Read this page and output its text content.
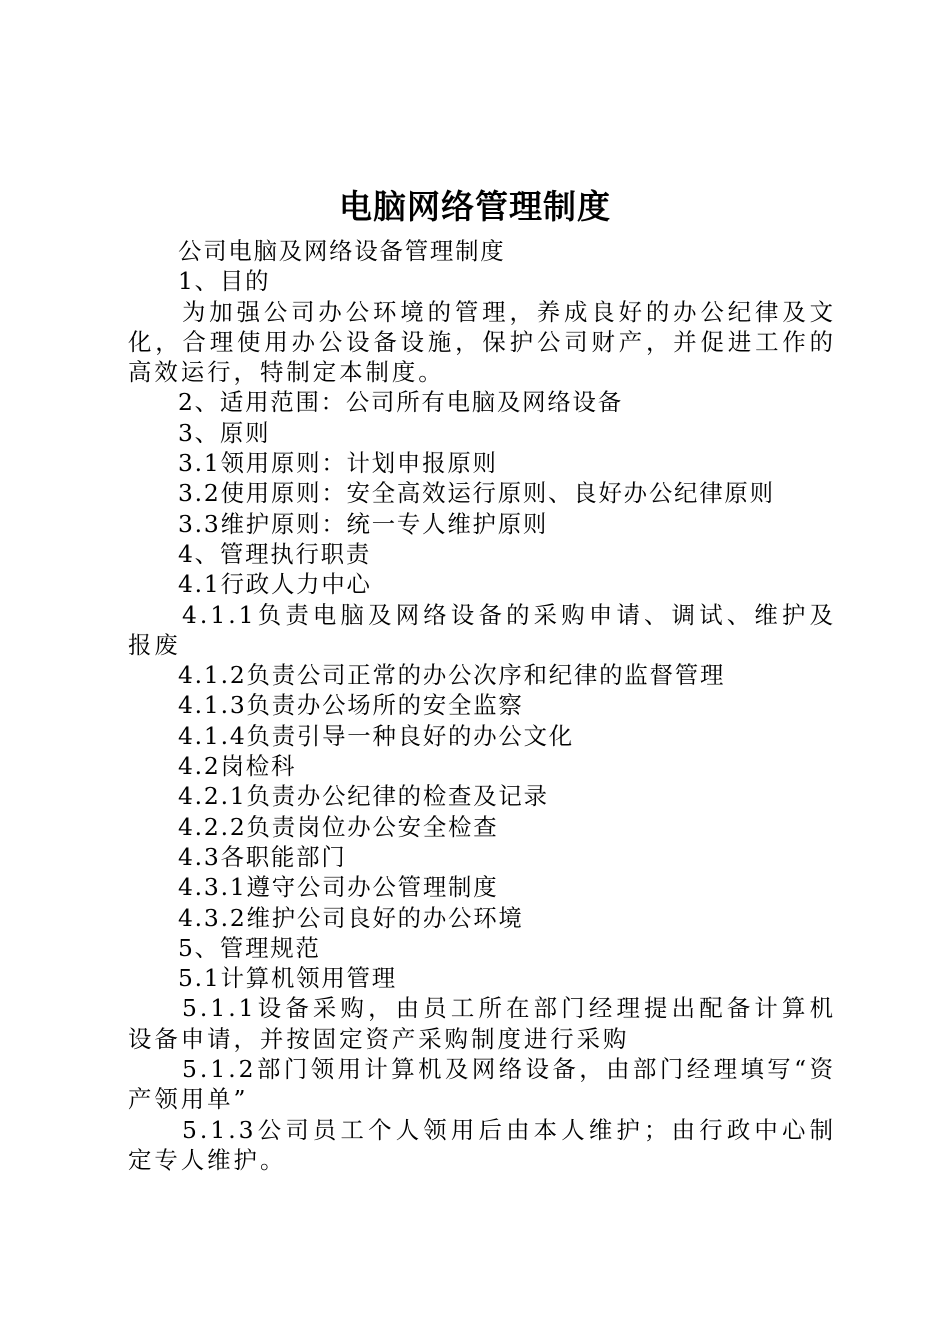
电脑网络管理制度

公司电脑及网络设备管理制度

1、目的

为加强公司办公环境的管理，养成良好的办公纪律及文化，合理使用办公设备设施，保护公司财产，并促进工作的高效运行，特制定本制度。

2、适用范围：公司所有电脑及网络设备

3、原则

3.1领用原则：计划申报原则

3.2使用原则：安全高效运行原则、良好办公纪律原则

3.3维护原则：统一专人维护原则

4、管理执行职责

4.1行政人力中心

4.1.1负责电脑及网络设备的采购申请、调试、维护及报废

4.1.2负责公司正常的办公次序和纪律的监督管理

4.1.3负责办公场所的安全监察

4.1.4负责引导一种良好的办公文化

4.2岗检科

4.2.1负责办公纪律的检查及记录

4.2.2负责岗位办公安全检查

4.3各职能部门

4.3.1遵守公司办公管理制度

4.3.2维护公司良好的办公环境

5、管理规范

5.1计算机领用管理

5.1.1设备采购，由员工所在部门经理提出配备计算机设备申请，并按固定资产采购制度进行采购

5.1.2部门领用计算机及网络设备，由部门经理填写“资产领用单”

5.1.3公司员工个人领用后由本人维护；由行政中心制定专人维护。
